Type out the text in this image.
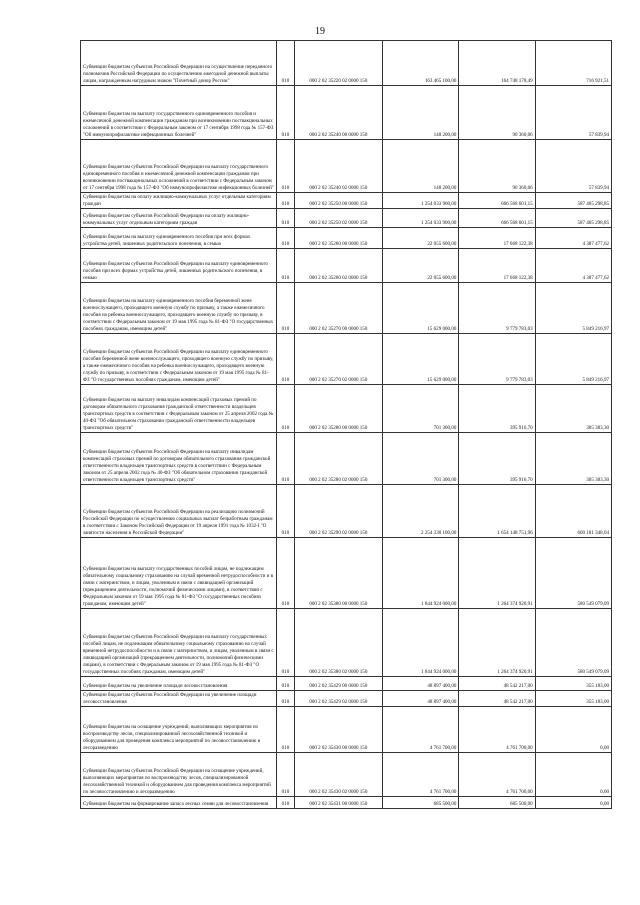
19
Субвенции бюджетам субъектов Российской Федерации на осуществление переданного полномочия Российской Федерации по осуществлению ежегодной денежной выплаты лицам, награжденным нагрудным знаком "Почетный донор России"	010	000 2 02 35220 02 0000 150	163 465 100,00	164 748 178,49	716 921,51
Субвенции бюджетам на выплату государственного единовременного пособия и ежемесячной денежной компенсации гражданам при возникновении поствакцинальных осложнений в соответствии с Федеральным законом от 17 сентября 1998 года № 157-ФЗ "Об иммунопрофилактике инфекционных болезней"	010	000 2 02 35240 00 0000 150	148 200,00	90 360,06	57 839,94
Субвенции бюджетам субъектов Российской Федерации на выплату государственного единовременного пособия и ежемесячной денежной компенсации гражданам при возникновении поствакцинальных осложнений в соответствии с Федеральным законом от 17 сентября 1998 года № 157-ФЗ "Об иммунопрофилактике инфекционных болезней"	010	000 2 02 35240 02 0000 150	148 200,00	90 360,06	57 839,94
Субвенции бюджетам на оплату жилищно-коммунальных услуг отдельным категориям граждан	010	000 2 02 35250 00 0000 150	1 254 033 900,00	666 568 601,15	587 465 298,85
Субвенции бюджетам субъектов Российской Федерации на оплату жилищно-коммунальных услуг отдельным категориям граждан	010	000 2 02 35250 02 0000 150	1 254 033 900,00	666 568 601,15	587 465 298,85
Субвенции бюджетам на выплату единовременного пособия при всех формах устройства детей, лишенных родительского попечения, в семью	010	000 2 02 35260 00 0000 150	22 055 600,00	17 668 122,38	4 387 477,62
Субвенции бюджетам субъектов Российской Федерации на выплату единовременного пособия при всех формах устройства детей, лишенных родительского попечения, в семью	010	000 2 02 35260 02 0000 150	22 055 600,00	17 668 122,38	4 387 477,62
Субвенции бюджетам на выплату единовременного пособия беременной жене военнослужащего, проходящего военную службу по призыву, а также ежемесячного пособия на ребенка военнослужащего, проходящего военную службу по призыву, в соответствии с Федеральным законом от 19 мая 1995 года № 81-ФЗ "О государственных пособиях гражданам, имеющим детей"	010	000 2 02 35270 00 0000 150	15 629 000,00	9 779 783,03	5 849 216,97
Субвенции бюджетам субъектов Российской Федерации на выплату единовременного пособия беременной жене военнослужащего, проходящего военную службу по призыву, а также ежемесячного пособия на ребенка военнослужащего, проходящего военную службу по призыву, в соответствии с Федеральным законом от 19 мая 1995 года № 81-ФЗ "О государственных пособиях гражданам, имеющим детей"	010	000 2 02 35270 02 0000 150	15 629 000,00	9 779 783,03	5 849 216,97
Субвенции бюджетам на выплату инвалидам компенсаций страховых премий по договорам обязательного страхования гражданской ответственности владельцев транспортных средств в соответствии с Федеральным законом от 25 апреля 2002 года № 40-ФЗ "Об обязательном страховании гражданской ответственности владельцев транспортных средств"	010	000 2 02 35280 00 0000 150	701 300,00	395 916,70	305 383,30
Субвенции бюджетам субъектов Российской Федерации на выплату инвалидам компенсаций страховых премий по договорам обязательного страхования гражданской ответственности владельцев транспортных средств в соответствии с Федеральным законом от 25 апреля 2002 года № 40-ФЗ "Об обязательном страховании гражданской ответственности владельцев транспортных средств"	010	000 2 02 35280 02 0000 150	701 300,00	395 916,70	305 383,30
Субвенции бюджетам субъектов Российской Федерации на реализацию полномочий Российской Федерации по осуществлению социальных выплат безработным гражданам в соответствии с Законом Российской Федерации от 19 апреля 1991 года № 1032-I "О занятости населения в Российской Федерации"	010	000 2 02 35290 02 0000 150	2 254 330 100,00	1 654 148 751,96	600 181 348,04
Субвенции бюджетам на выплату государственных пособий лицам, не подлежащим обязательному социальному страхованию на случай временной нетрудоспособности и в связи с материнством, и лицам, уволенным в связи с ликвидацией организаций (прекращением деятельности, полномочий физическими лицами), в соответствии с Федеральным законом от 19 мая 1995 года № 81-ФЗ "О государственных пособиях гражданам, имеющим детей"	010	000 2 02 35380 00 0000 150	1 844 924 000,00	1 264 374 920,91	580 549 079,09
Субвенции бюджетам субъектов Российской Федерации на выплату государственных пособий лицам, не подлежащим обязательному социальному страхованию на случай временной нетрудоспособности и в связи с материнством, и лицам, уволенным в связи с ликвидацией организаций (прекращением деятельности, полномочий физическими лицами), в соответствии с Федеральным законом от 19 мая 1995 года № 81-ФЗ "О государственных пособиях гражданам, имеющим детей"	010	000 2 02 35380 02 0000 150	1 844 924 000,00	1 264 374 920,91	580 549 079,09
Субвенции бюджетам на увеличение площади лесовосстановления	010	000 2 02 35429 00 0000 150	48 897 400,00	48 542 217,00	355 183,00
Субвенции бюджетам субъектов Российской Федерации на увеличение площади лесовосстановления	010	000 2 02 35429 02 0000 150	48 897 400,00	48 542 217,00	355 183,00
Субвенции бюджетам на оснащение учреждений, выполняющих мероприятия по воспроизводству лесов, специализированной лесохозяйственной техникой и оборудованием для проведения комплекса мероприятий по лесовосстановлению и лесоразведению	010	000 2 02 35430 00 0000 150	4 761 700,00	4 761 700,00	0,00
Субвенции бюджетам субъектов Российской Федерации на оснащение учреждений, выполняющих мероприятия по воспроизводству лесов, специализированной лесохозяйственной техникой и оборудованием для проведения комплекса мероприятий по лесовосстановлению и лесоразведению	010	000 2 02 35430 02 0000 150	4 761 700,00	4 761 700,00	0,00
Субвенции бюджетам на формирование запаса лесных семян для лесовосстановления	010	000 2 02 35431 00 0000 150	685 500,00	685 500,00	0,00
